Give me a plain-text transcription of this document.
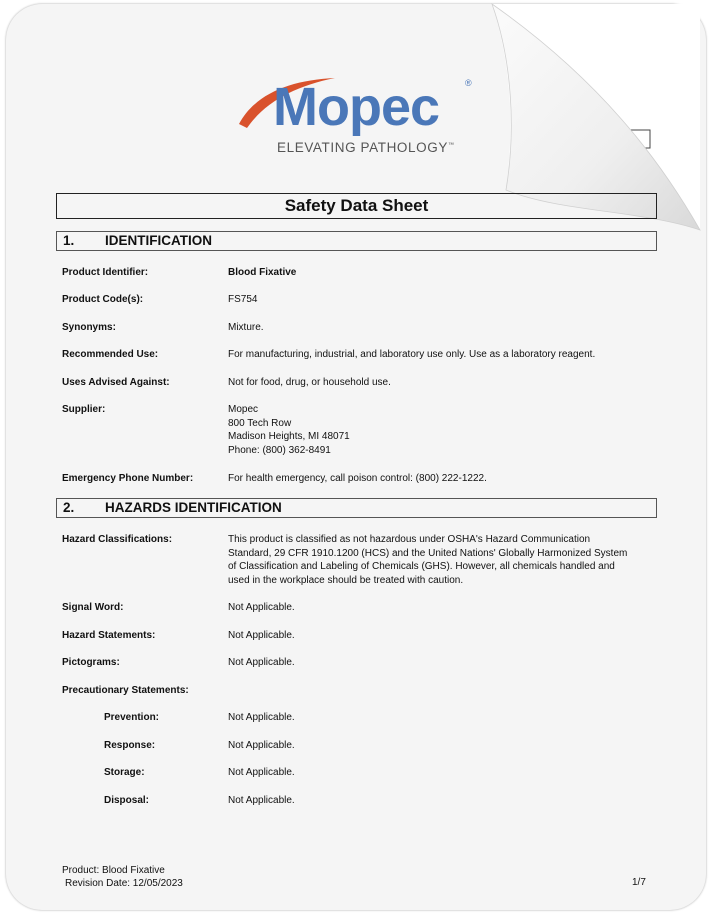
Mopec	®
ELEVATING PATHOLOGY™
Safety Data Sheet
1. IDENTIFICATION
Product Identifier:	Blood Fixative
Product Code(s):	FS754
Synonyms:	Mixture.
Recommended Use:	For manufacturing, industrial, and laboratory use only. Use as a laboratory reagent.
Uses Advised Against:	Not for food, drug, or household use.
Supplier:	Mopec
800 Tech Row
Madison Heights, MI 48071
Phone: (800) 362-8491
Emergency Phone Number:	For health emergency, call poison control: (800) 222-1222.
2. HAZARDS IDENTIFICATION
Hazard Classifications:	This product is classified as not hazardous under OSHA's Hazard Communication
Standard, 29 CFR 1910.1200 (HCS) and the United Nations' Globally Harmonized System
of Classification and Labeling of Chemicals (GHS). However, all chemicals handled and
used in the workplace should be treated with caution.
Signal Word:	Not Applicable.
Hazard Statements:	Not Applicable.
Pictograms:	Not Applicable.
Precautionary Statements:
Prevention:	Not Applicable.
Response:	Not Applicable.
Storage:	Not Applicable.
Disposal:	Not Applicable.
Product: Blood Fixative
Revision Date: 12/05/2023	1/7
